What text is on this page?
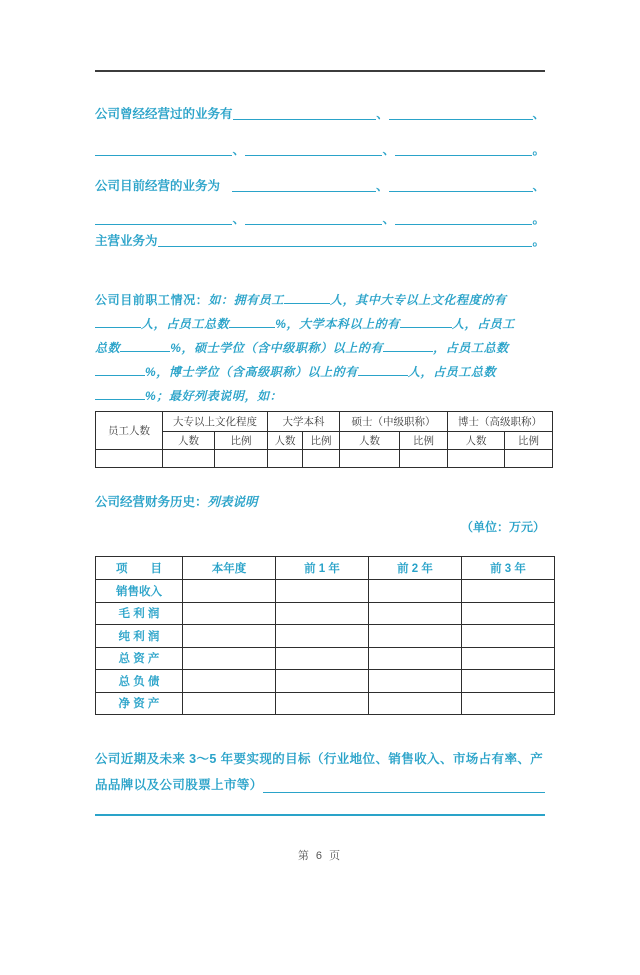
公司曾经经营过的业务有	、	、
、	、	。
公司目前经营的业务为	、	、
、	、	。
主营业务为	。
公司目前职工情况：如：拥有员工	人，其中大专以上文化程度的有
人，占员工总数	%，大学本科以上的有	人，占员工
总数	%，硕士学位（含中级职称）以上的有	，占员工总数
%，博士学位（含高级职称）以上的有	人，占员工总数
%；最好列表说明，如：
员工人数	大专以上文化程度		大学本科		硕士（中级职称）		博士（高级职称）	
	人数	比例	人数	比例	人数	比例	人数	比例

公司经营财务历史：列表说明
（单位：万元）
项　　目	本年度	前 1 年	前 2 年	前 3 年
销售收入				
毛 利 润				
纯 利 润				
总 资 产				
总 负 债				
净 资 产				
公司近期及未来 3～5 年要实现的目标（行业地位、销售收入、市场占有率、产
品品牌以及公司股票上市等）
第 6 页
